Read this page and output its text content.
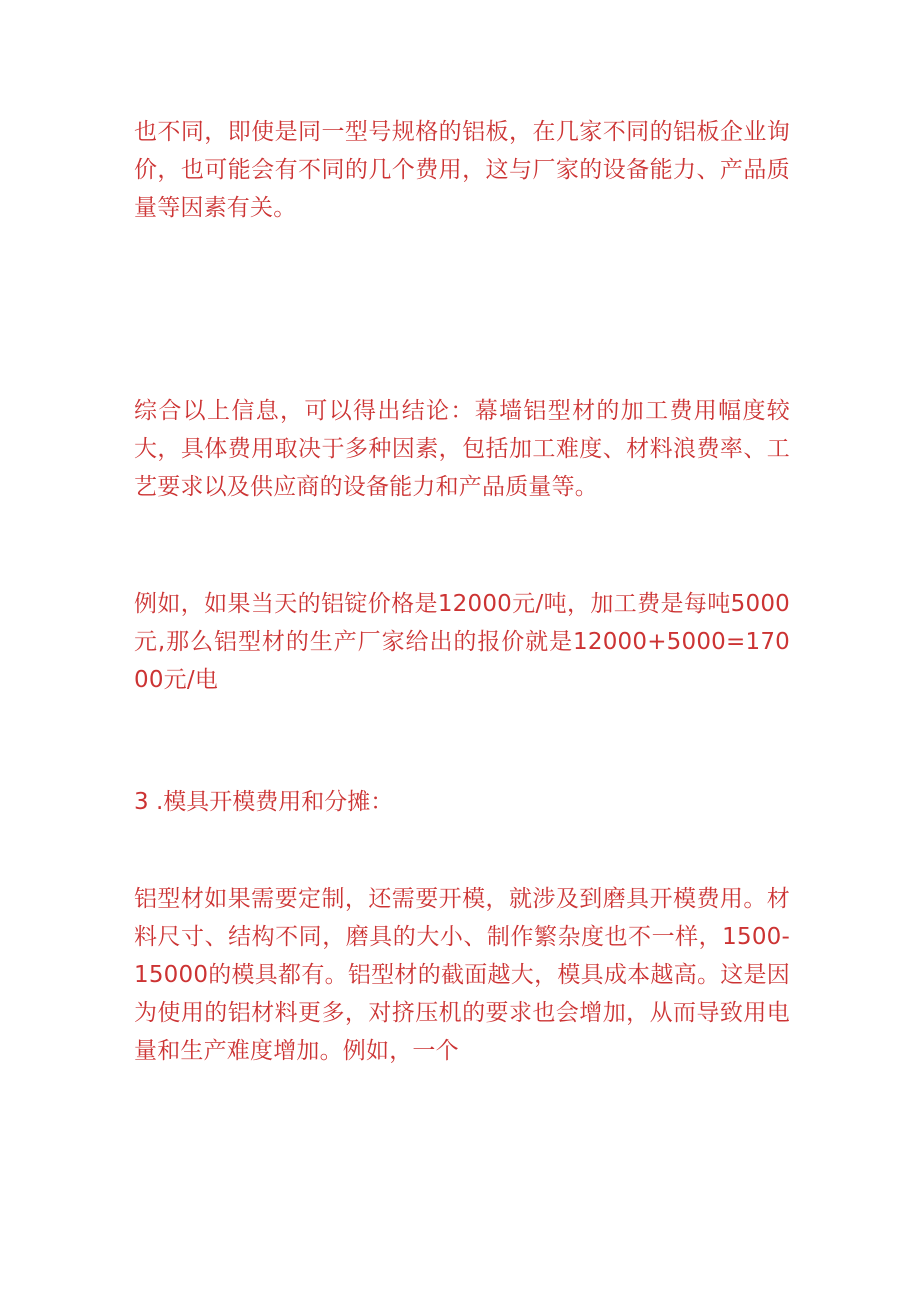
也不同，即使是同一型号规格的铝板，在几家不同的铝板企业询价，也可能会有不同的几个费用，这与厂家的设备能力、产品质量等因素有关。

综合以上信息，可以得出结论：幕墙铝型材的加工费用幅度较大，具体费用取决于多种因素，包括加工难度、材料浪费率、工艺要求以及供应商的设备能力和产品质量等。

例如，如果当天的铝锭价格是12000元/吨，加工费是每吨5000元,那么铝型材的生产厂家给出的报价就是12000+5000=17000元/电

3 .模具开模费用和分摊：

铝型材如果需要定制，还需要开模，就涉及到磨具开模费用。材料尺寸、结构不同，磨具的大小、制作繁杂度也不一样，1500-15000的模具都有。铝型材的截面越大，模具成本越高。这是因为使用的铝材料更多，对挤压机的要求也会增加，从而导致用电量和生产难度增加。例如，一个
